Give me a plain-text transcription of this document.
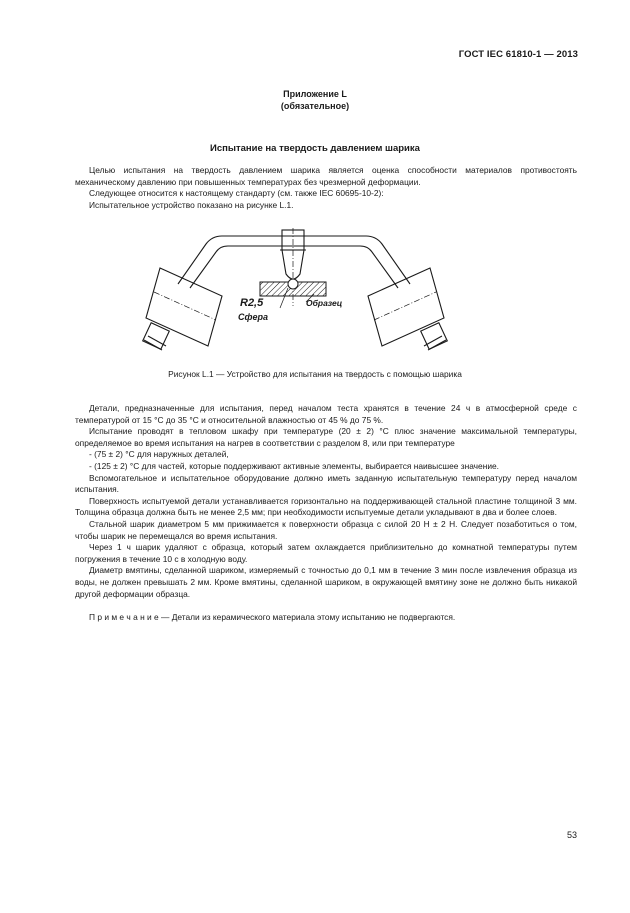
ГОСТ IEC 61810-1 — 2013
Приложение L
(обязательное)
Испытание на твердость давлением шарика

Целью испытания на твердость давлением шарика является оценка способности материалов противостоять механическому давлению при повышенных температурах без чрезмерной деформации.

Следующее относится к настоящему стандарту (см. также IEC 60695-10-2):

Испытательное устройство показано на рисунке L.1.

R2,5
Сфера
Образец
Рисунок L.1 — Устройство для испытания на твердость с помощью шарика

Детали, предназначенные для испытания, перед началом теста хранятся в течение 24 ч в атмосферной среде с температурой от 15 °С до 35 °С и относительной влажностью от 45 % до 75 %.

Испытание проводят в тепловом шкафу при температуре (20 ± 2) °С плюс значение максимальной температуры, определяемое во время испытания на нагрев в соответствии с разделом 8, или при температуре

- (75 ± 2) °С для наружных деталей,

- (125 ± 2) °С для частей, которые поддерживают активные элементы, выбирается наивысшее значение.

Вспомогательное и испытательное оборудование должно иметь заданную испытательную температуру перед началом испытания.

Поверхность испытуемой детали устанавливается горизонтально на поддерживающей стальной пластине толщиной 3 мм. Толщина образца должна быть не менее 2,5 мм; при необходимости испытуемые детали укладывают в два и более слоев.

Стальной шарик диаметром 5 мм прижимается к поверхности образца с силой 20 Н ± 2 Н. Следует позаботиться о том, чтобы шарик не перемещался во время испытания.

Через 1 ч шарик удаляют с образца, который затем охлаждается приблизительно до комнатной температуры путем погружения в течение 10 с в холодную воду.

Диаметр вмятины, сделанной шариком, измеряемый с точностью до 0,1 мм в течение 3 мин после извлечения образца из воды, не должен превышать 2 мм. Кроме вмятины, сделанной шариком, в окружающей вмятину зоне не должно быть никакой другой деформации образца.

П р и м е ч а н и е — Детали из керамического материала этому испытанию не подвергаются.

53
